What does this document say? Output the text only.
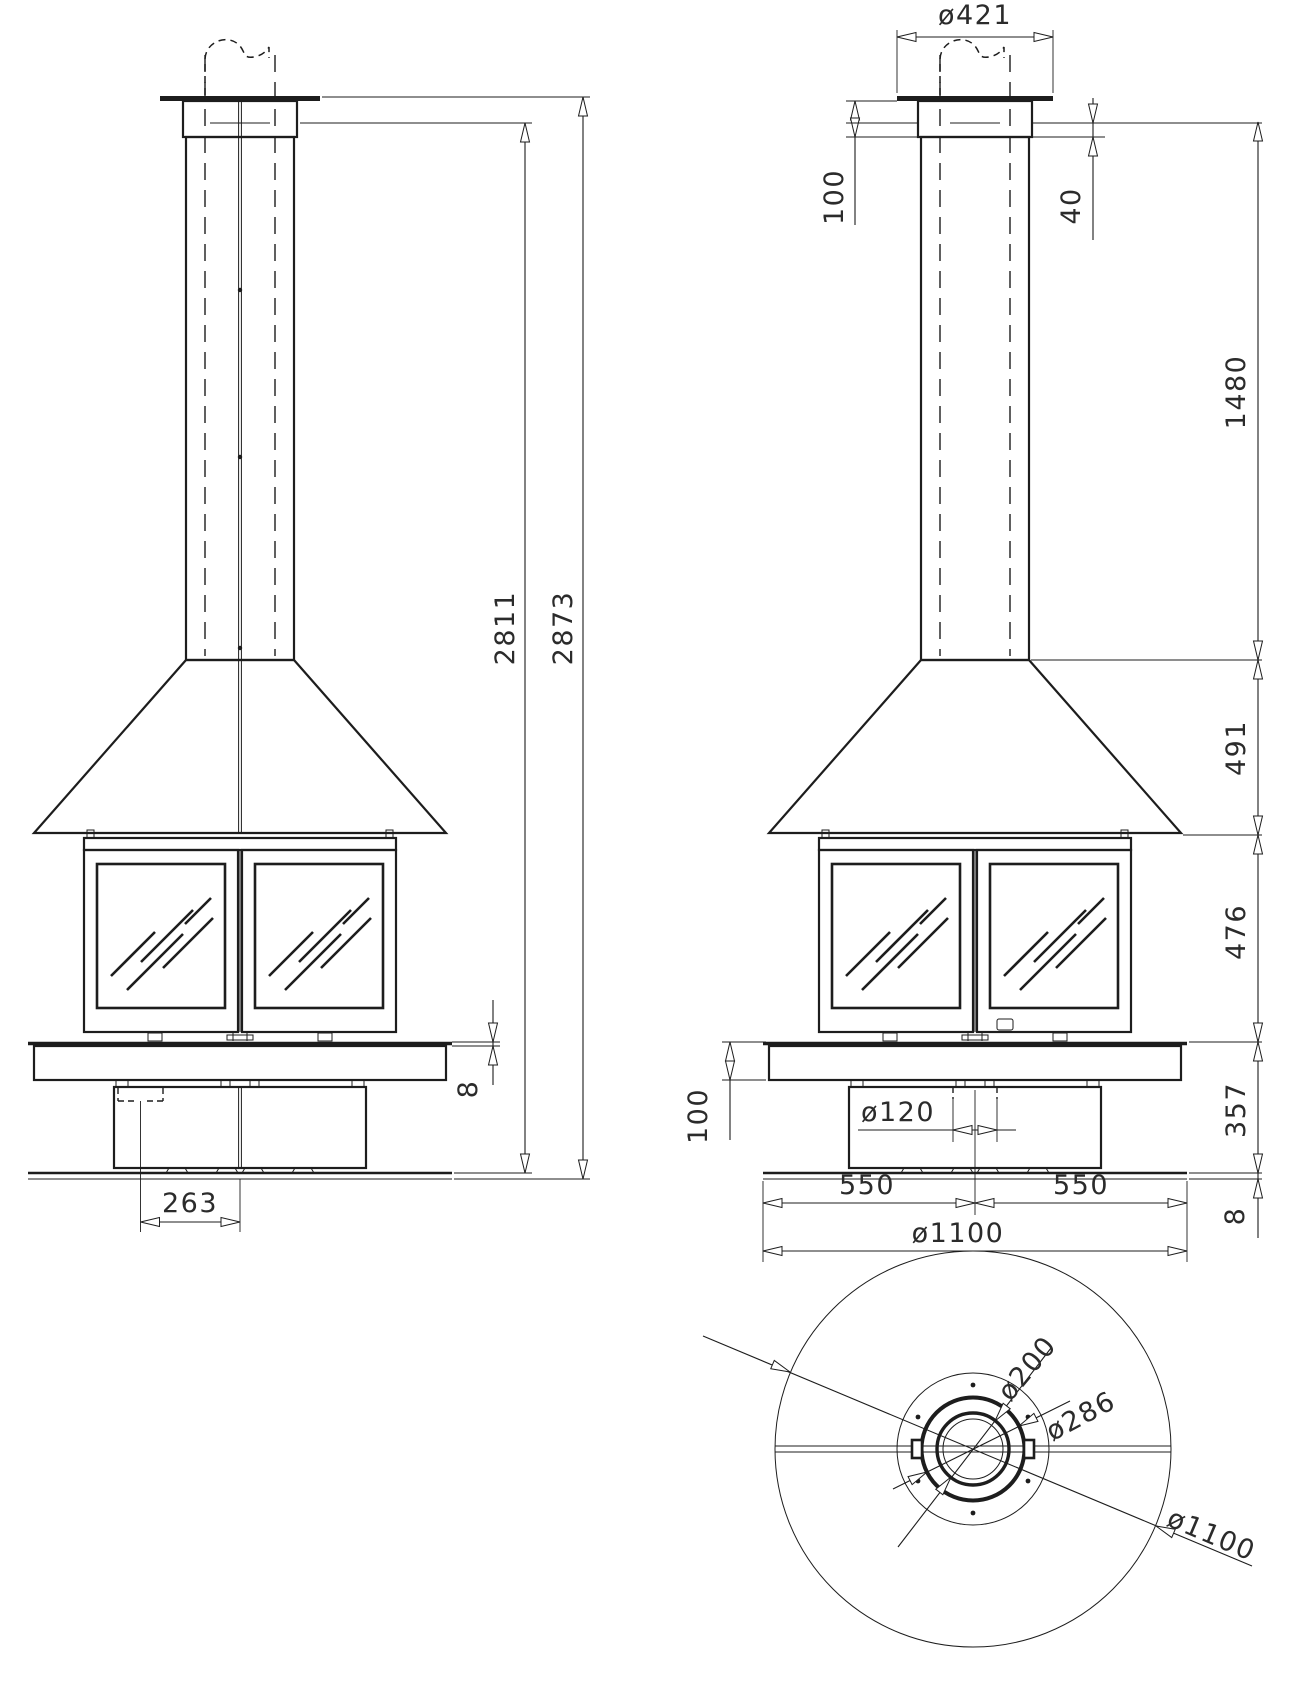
263
8
2811 2873
ø421
100	40
1480
491
476
357
8
100	ø120
550	550
ø1100
ø1100
ø200
ø286
